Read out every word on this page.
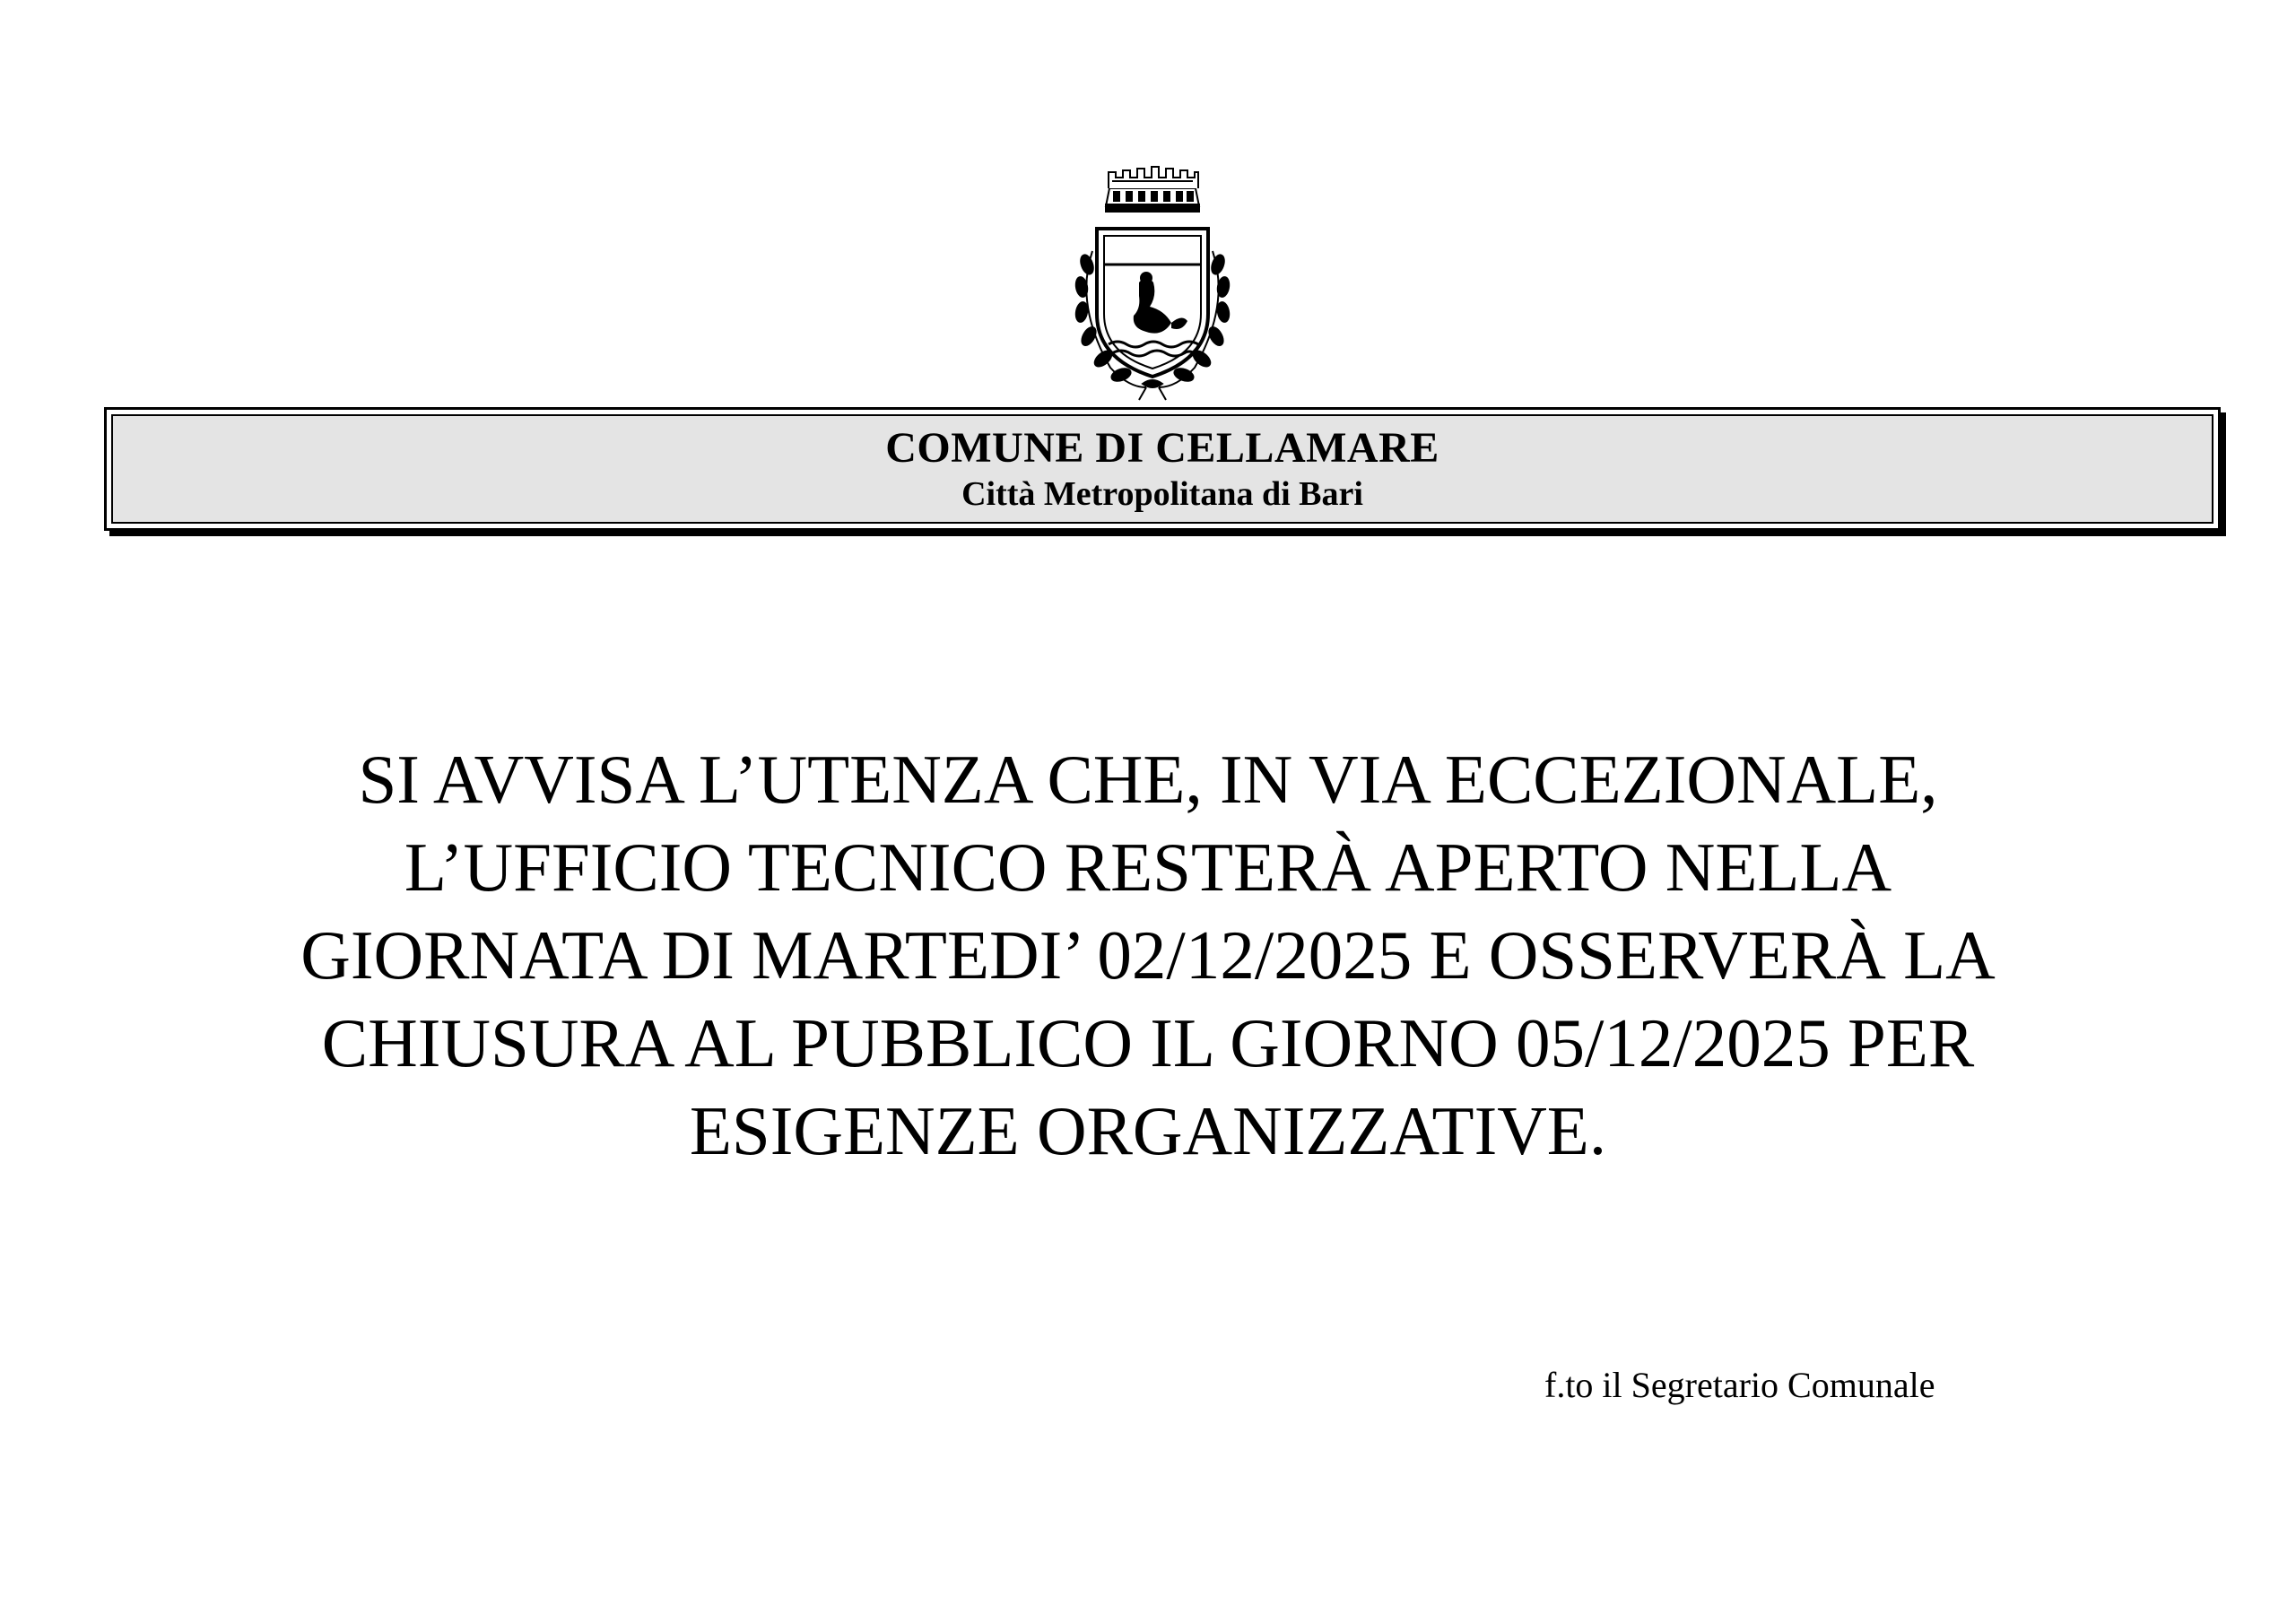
COMUNE DI CELLAMARE
Città Metropolitana di Bari
SI AVVISA L’UTENZA CHE, IN VIA ECCEZIONALE,
L’UFFICIO TECNICO RESTERÀ APERTO NELLA
GIORNATA DI MARTEDI’ 02/12/2025 E OSSERVERÀ LA
CHIUSURA AL PUBBLICO IL GIORNO 05/12/2025 PER
ESIGENZE ORGANIZZATIVE.
f.to il Segretario Comunale
